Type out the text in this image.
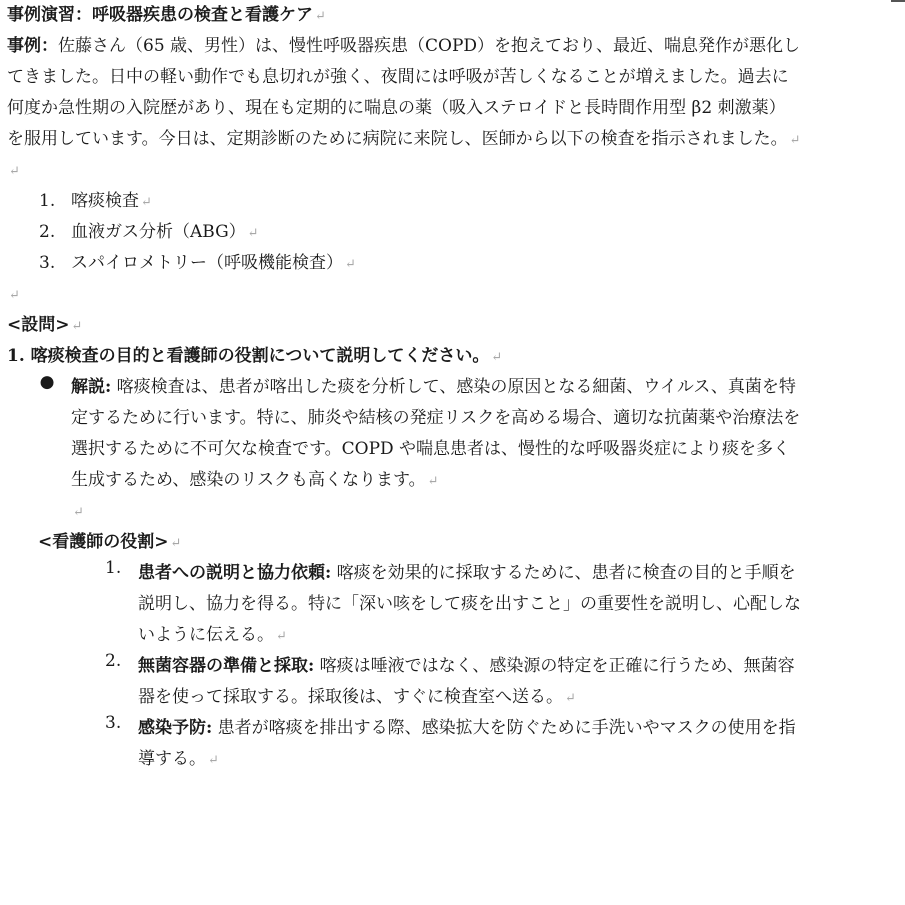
事例演習：呼吸器疾患の検査と看護ケア ↵
事例：佐藤さん（65 歳、男性）は、慢性呼吸器疾患（COPD）を抱えており、最近、喘息発作が悪化し
てきました。日中の軽い動作でも息切れが強く、夜間には呼吸が苦しくなることが増えました。過去に
何度か急性期の入院歴があり、現在も定期的に喘息の薬（吸入ステロイドと長時間作用型 β2 刺激薬）
を服用しています。今日は、定期診断のために病院に来院し、医師から以下の検査を指示されました。 ↵
↵
1. 喀痰検査 ↵
2. 血液ガス分析（ABG） ↵
3. スパイロメトリー（呼吸機能検査） ↵
↵
<設問> ↵
1. 喀痰検査の目的と看護師の役割について説明してください。 ↵
● 解説: 喀痰検査は、患者が喀出した痰を分析して、感染の原因となる細菌、ウイルス、真菌を特
定するために行います。特に、肺炎や結核の発症リスクを高める場合、適切な抗菌薬や治療法を
選択するために不可欠な検査です。COPD や喘息患者は、慢性的な呼吸器炎症により痰を多く
生成するため、感染のリスクも高くなります。 ↵
↵
<看護師の役割> ↵
1. 患者への説明と協力依頼: 喀痰を効果的に採取するために、患者に検査の目的と手順を
説明し、協力を得る。特に「深い咳をして痰を出すこと」の重要性を説明し、心配しな
いように伝える。 ↵
2. 無菌容器の準備と採取: 喀痰は唾液ではなく、感染源の特定を正確に行うため、無菌容
器を使って採取する。採取後は、すぐに検査室へ送る。 ↵
3. 感染予防: 患者が喀痰を排出する際、感染拡大を防ぐために手洗いやマスクの使用を指
導する。 ↵
